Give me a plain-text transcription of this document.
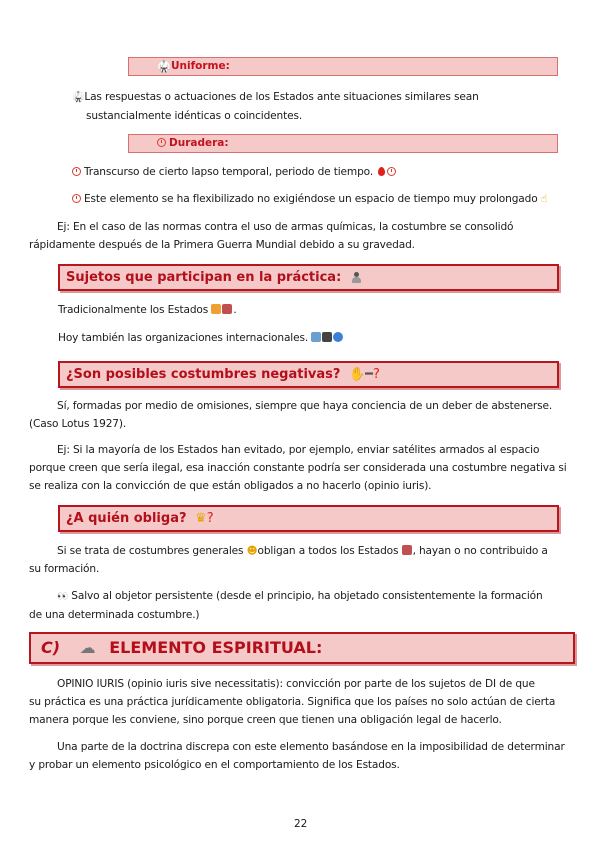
🥋 Uniforme:
🥋Las respuestas o actuaciones de los Estados ante situaciones similares sean
sustancialmente idénticas o coincidentes.
Duradera:
Transcurso de cierto lapso temporal, periodo de tiempo.
Este elemento se ha flexibilizado no exigiéndose un espacio de tiempo muy prolongado ☝
Ej: En el caso de las normas contra el uso de armas químicas, la costumbre se consolidó
rápidamente después de la Primera Guerra Mundial debido a su gravedad.
Sujetos que participan en la práctica:
Tradicionalmente los Estados .
Hoy también las organizaciones internacionales.
¿Son posibles costumbres negativas? ✋━?
Sí, formadas por medio de omisiones, siempre que haya conciencia de un deber de abstenerse.
(Caso Lotus 1927).
Ej: Si la mayoría de los Estados han evitado, por ejemplo, enviar satélites armados al espacio
porque creen que sería ilegal, esa inacción constante podría ser considerada una costumbre negativa si
se realiza con la convicción de que están obligados a no hacerlo (opinio iuris).
¿A quién obliga? ♛?
Si se trata de costumbres generales ☻obligan a todos los Estados , hayan o no contribuido a
su formación.
👀 Salvo al objetor persistente (desde el principio, ha objetado consistentemente la formación
de una determinada costumbre.)
C) ☁ ELEMENTO ESPIRITUAL:
OPINIO IURIS (opinio iuris sive necessitatis): convicción por parte de los sujetos de DI de que
su práctica es una práctica jurídicamente obligatoria. Significa que los países no solo actúan de cierta
manera porque les conviene, sino porque creen que tienen una obligación legal de hacerlo.
Una parte de la doctrina discrepa con este elemento basándose en la imposibilidad de determinar
y probar un elemento psicológico en el comportamiento de los Estados.
22
